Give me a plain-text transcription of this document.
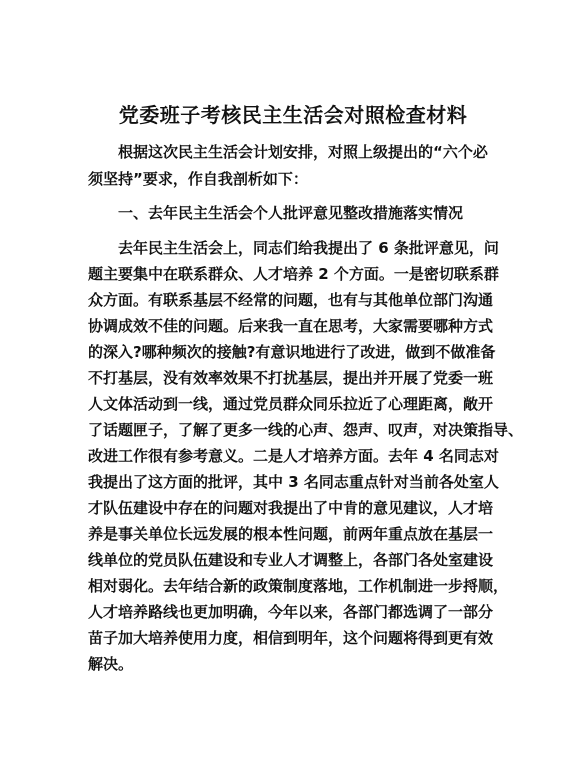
党委班子考核民主生活会对照检查材料
根据这次民主生活会计划安排，对照上级提出的“六个必
须坚持”要求，作自我剖析如下：
一、去年民主生活会个人批评意见整改措施落实情况
去年民主生活会上，同志们给我提出了 6 条批评意见，问
题主要集中在联系群众、人才培养 2 个方面。一是密切联系群
众方面。有联系基层不经常的问题，也有与其他单位部门沟通
协调成效不佳的问题。后来我一直在思考，大家需要哪种方式
的深入?哪种频次的接触?有意识地进行了改进，做到不做准备
不打基层，没有效率效果不打扰基层，提出并开展了党委一班
人文体活动到一线，通过党员群众同乐拉近了心理距离，敞开
了话题匣子，了解了更多一线的心声、怨声、叹声，对决策指导、
改进工作很有参考意义。二是人才培养方面。去年 4 名同志对
我提出了这方面的批评，其中 3 名同志重点针对当前各处室人
才队伍建设中存在的问题对我提出了中肯的意见建议，人才培
养是事关单位长远发展的根本性问题，前两年重点放在基层一
线单位的党员队伍建设和专业人才调整上，各部门各处室建设
相对弱化。去年结合新的政策制度落地，工作机制进一步捋顺，
人才培养路线也更加明确，今年以来，各部门都选调了一部分
苗子加大培养使用力度，相信到明年，这个问题将得到更有效
解决。
